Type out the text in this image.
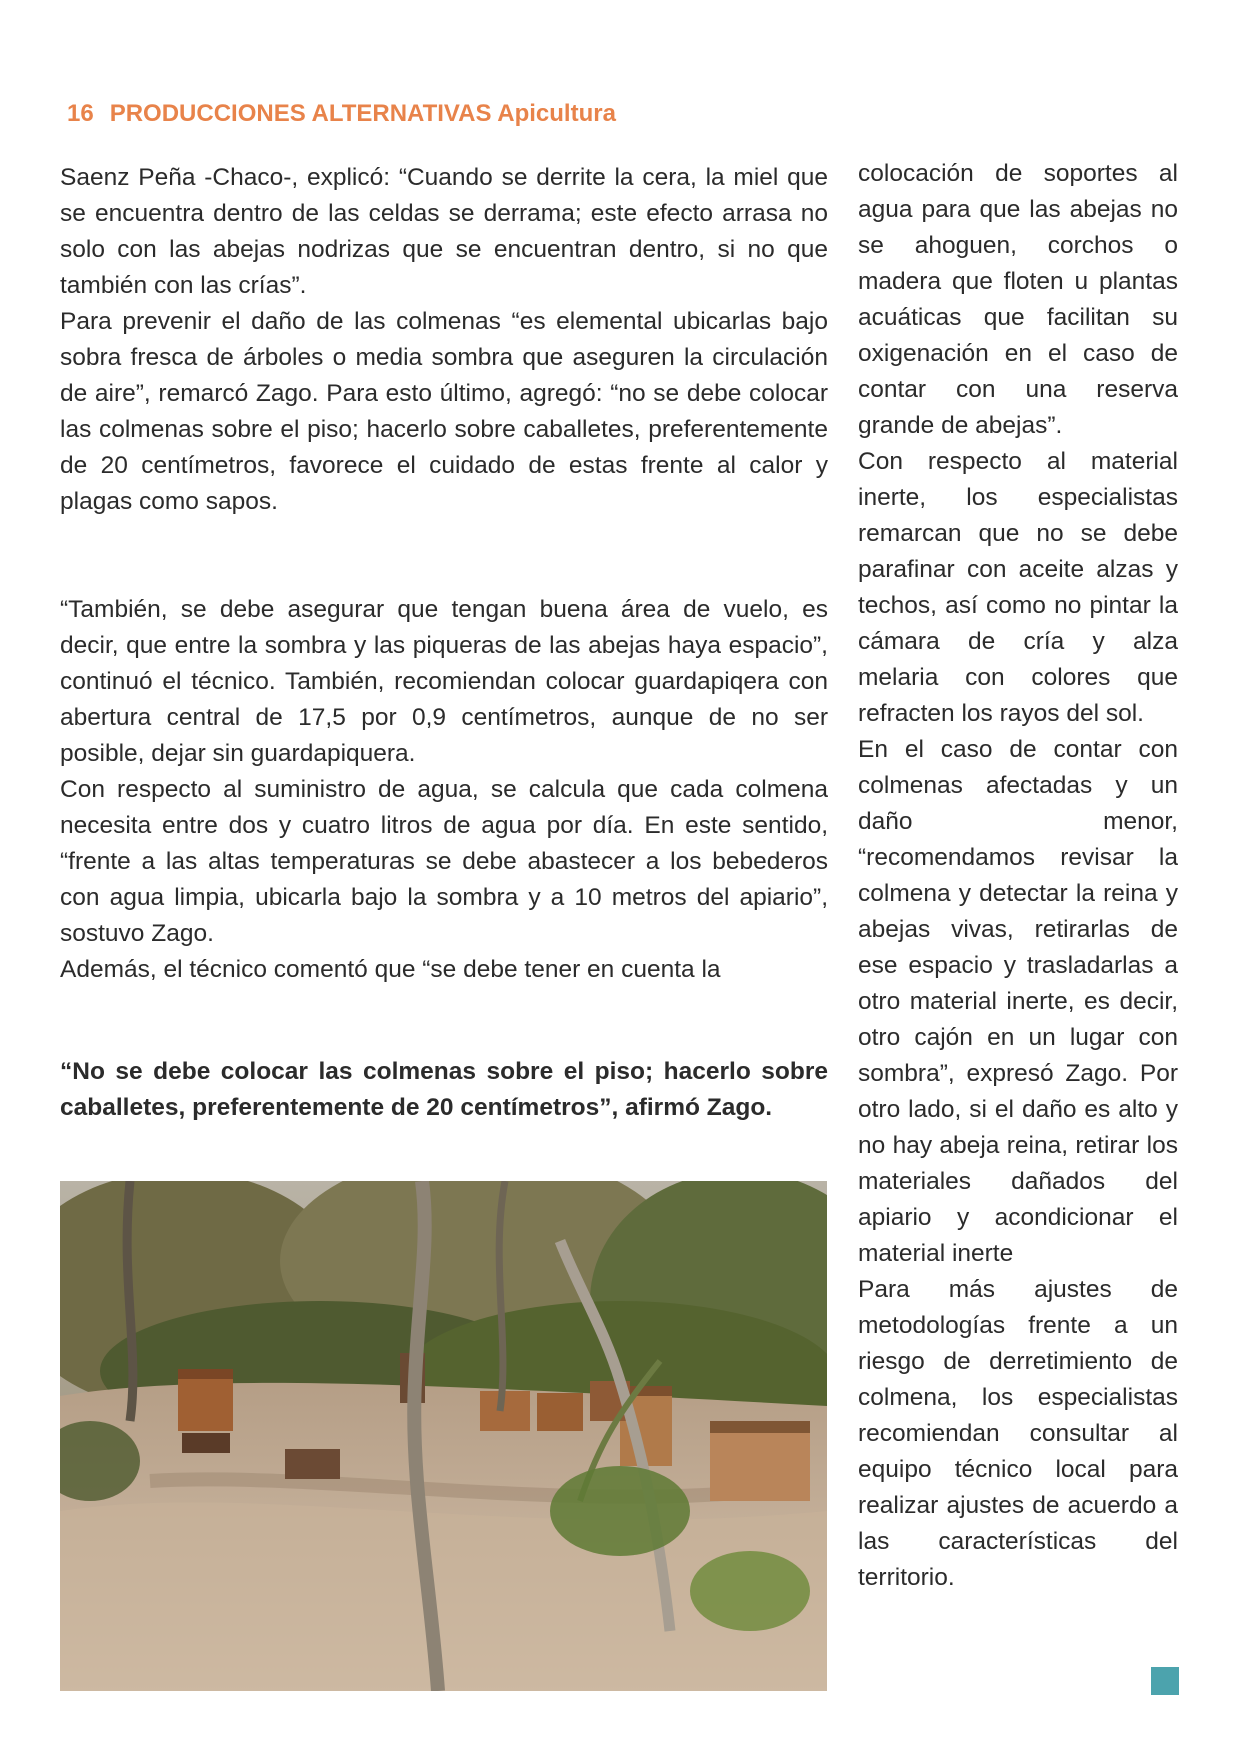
16 PRODUCCIONES ALTERNATIVAS Apicultura

Saenz Peña -Chaco-, explicó: “Cuando se derrite la cera, la miel que se encuentra dentro de las celdas se derrama; este efecto arrasa no solo con las abejas nodrizas que se encuentran dentro, si no que también con las crías”.

Para prevenir el daño de las colmenas “es elemental ubicarlas bajo sobra fresca de árboles o media sombra que aseguren la circulación de aire”, remarcó Zago. Para esto último, agregó: “no se debe colocar las colmenas sobre el piso; hacerlo sobre caballetes, preferentemente de 20 centímetros, favorece el cuidado de estas frente al calor y plagas como sapos.

“También, se debe asegurar que tengan buena área de vuelo, es decir, que entre la sombra y las piqueras de las abejas haya espacio”, continuó el técnico. También, recomiendan colocar guardapiqera con abertura central de 17,5 por 0,9 centímetros, aunque de no ser posible, dejar sin guardapiquera.

Con respecto al suministro de agua, se calcula que cada colmena necesita entre dos y cuatro litros de agua por día. En este sentido, “frente a las altas temperaturas se debe abastecer a los bebederos con agua limpia, ubicarla bajo la sombra y a 10 metros del apiario”, sostuvo Zago.

Además, el técnico comentó que “se debe tener en cuenta la

“No se debe colocar las colmenas sobre el piso; hacerlo sobre caballetes, preferentemente de 20 centímetros”, afirmó Zago.

colocación de soportes al agua para que las abejas no se ahoguen, corchos o madera que floten u plantas acuáticas que facilitan su oxigenación en el caso de contar con una reserva grande de abejas”.

Con respecto al material inerte, los especialistas remarcan que no se debe parafinar con aceite alzas y techos, así como no pintar la cámara de cría y alza melaria con colores que refracten los rayos del sol.

En el caso de contar con colmenas afectadas y un daño menor, “recomendamos revisar la colmena y detectar la reina y abejas vivas, retirarlas de ese espacio y trasladarlas a otro material inerte, es decir, otro cajón en un lugar con sombra”, expresó Zago. Por otro lado, si el daño es alto y no hay abeja reina, retirar los materiales dañados del apiario y acondicionar el material inerte

Para más ajustes de metodologías frente a un riesgo de derretimiento de colmena, los especialistas recomiendan consultar al equipo técnico local para realizar ajustes de acuerdo a las características del territorio.
